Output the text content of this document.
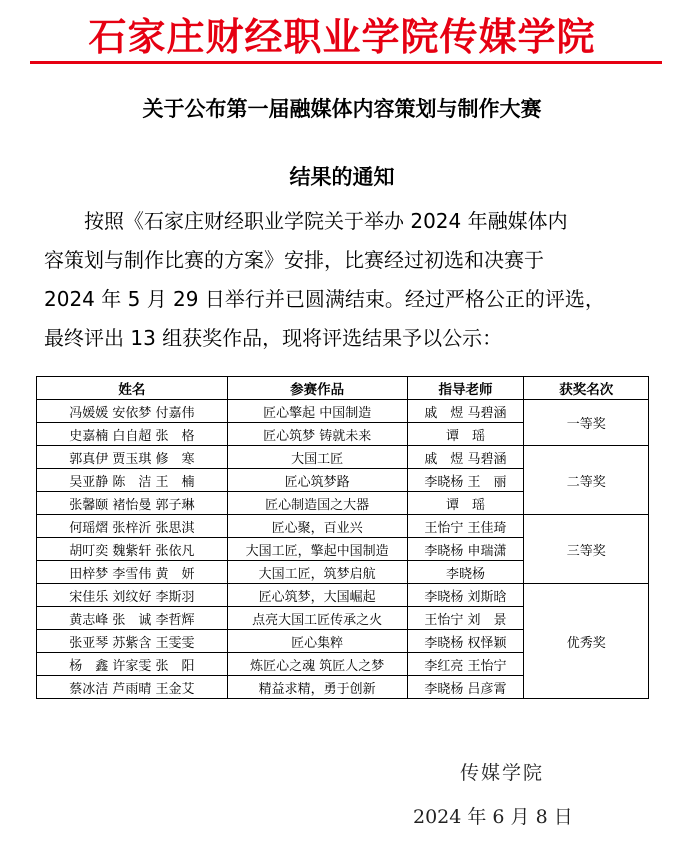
石家庄财经职业学院传媒学院
关于公布第一届融媒体内容策划与制作大赛
结果的通知
　　按照《石家庄财经职业学院关于举办 2024 年融媒体内
容策划与制作比赛的方案》安排，比赛经过初选和决赛于
2024 年 5 月 29 日举行并已圆满结束。经过严格公正的评选，
最终评出 13 组获奖作品，现将评选结果予以公示：
姓名	参赛作品	指导老师	获奖名次
冯媛媛 安依梦 付嘉伟	匠心擎起 中国制造	戚　煜 马碧涵	一等奖
史嘉楠 白自超 张　格	匠心筑梦 铸就未来	谭　瑶	
郭真伊 贾玉琪 修　寒	大国工匠	戚　煜 马碧涵	二等奖
吴亚静 陈　洁 王　楠	匠心筑梦路	李晓杨 王　丽	
张馨颐 褚怡曼 郭子琳	匠心制造国之大器	谭　瑶	
何瑶熠 张梓沂 张思淇	匠心聚，百业兴	王怡宁 王佳琦	三等奖
胡叮奕 魏紫轩 张依凡	大国工匠，擎起中国制造	李晓杨 申瑞潇	
田梓梦 李雪伟 黄　妍	大国工匠，筑梦启航	李晓杨	
宋佳乐 刘纹好 李斯羽	匠心筑梦，大国崛起	李晓杨 刘斯晗	优秀奖
黄志峰 张　诚 李哲辉	点亮大国工匠传承之火	王怡宁 刘　景	
张亚琴 苏紫含 王雯雯	匠心集粹	李晓杨 权怿颖	
杨　鑫 许家雯 张　阳	炼匠心之魂 筑匠人之梦	李红亮 王怡宁	
蔡冰洁 芦雨晴 王金艾	精益求精，勇于创新	李晓杨 吕彦霄	
传媒学院
2024 年 6 月 8 日
